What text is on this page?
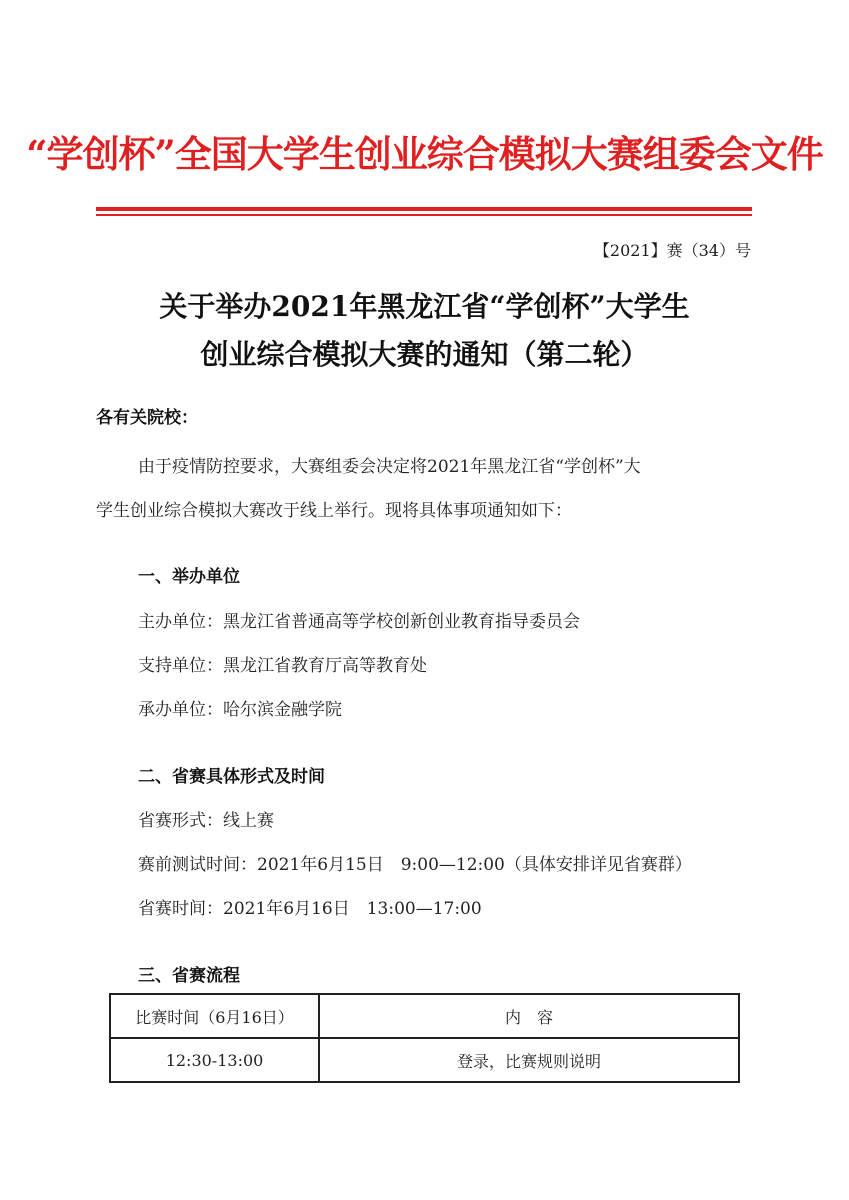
“学创杯”全国大学生创业综合模拟大赛组委会文件
【2021】赛（34）号
关于举办2021年黑龙江省“学创杯”大学生
创业综合模拟大赛的通知（第二轮）
各有关院校：
由于疫情防控要求，大赛组委会决定将2021年黑龙江省“学创杯”大
学生创业综合模拟大赛改于线上举行。现将具体事项通知如下：
一、举办单位
主办单位：黑龙江省普通高等学校创新创业教育指导委员会
支持单位：黑龙江省教育厅高等教育处
承办单位：哈尔滨金融学院
二、省赛具体形式及时间
省赛形式：线上赛
赛前测试时间：2021年6月15日　9:00—12:00（具体安排详见省赛群）
省赛时间：2021年6月16日　13:00—17:00
三、省赛流程
比赛时间（6月16日）	内　容
12:30-13:00	登录，比赛规则说明
